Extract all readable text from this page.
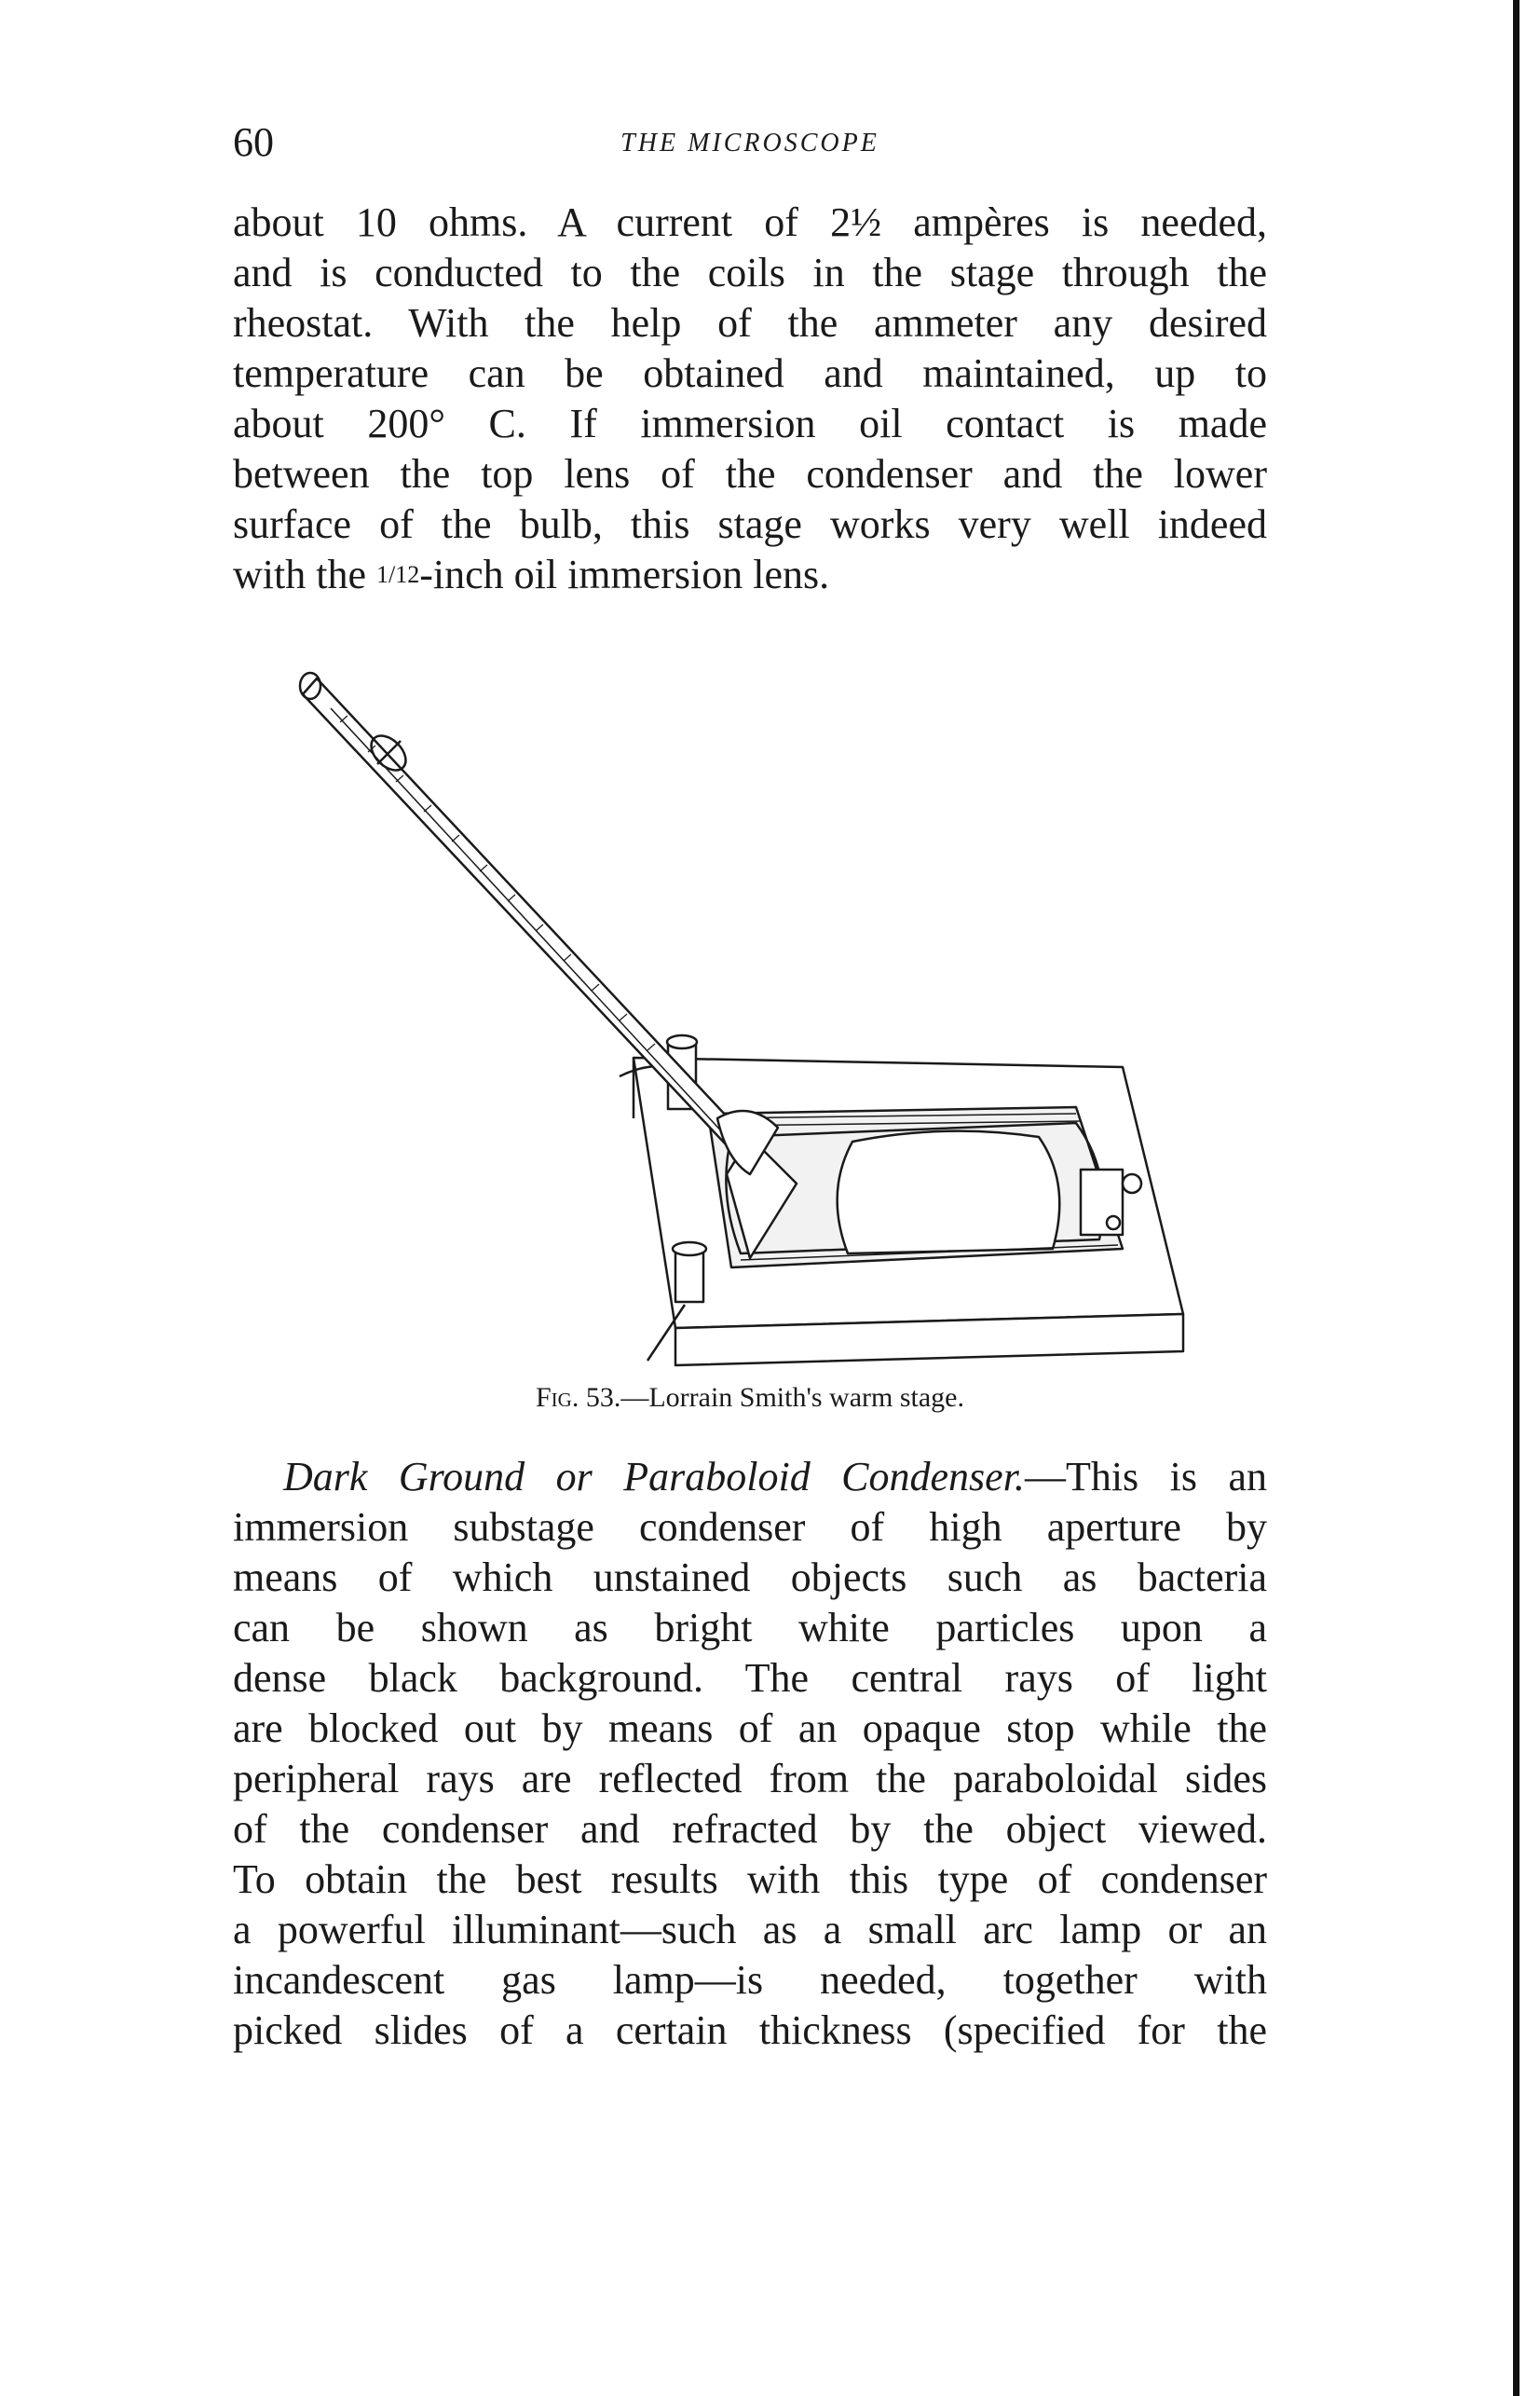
60	THE MICROSCOPE
about 10 ohms. A current of 2½ ampères is needed,
and is conducted to the coils in the stage through the
rheostat. With the help of the ammeter any desired
temperature can be obtained and maintained, up to
about 200° C. If immersion oil contact is made
between the top lens of the condenser and the lower
surface of the bulb, this stage works very well indeed
with the 1/12-inch oil immersion lens.
Fig. 53.—Lorrain Smith's warm stage.
Dark Ground or Paraboloid Condenser.—This is an
immersion substage condenser of high aperture by
means of which unstained objects such as bacteria
can be shown as bright white particles upon a
dense black background. The central rays of light
are blocked out by means of an opaque stop while the
peripheral rays are reflected from the paraboloidal sides
of the condenser and refracted by the object viewed.
To obtain the best results with this type of condenser
a powerful illuminant—such as a small arc lamp or an
incandescent gas lamp—is needed, together with
picked slides of a certain thickness (specified for the
